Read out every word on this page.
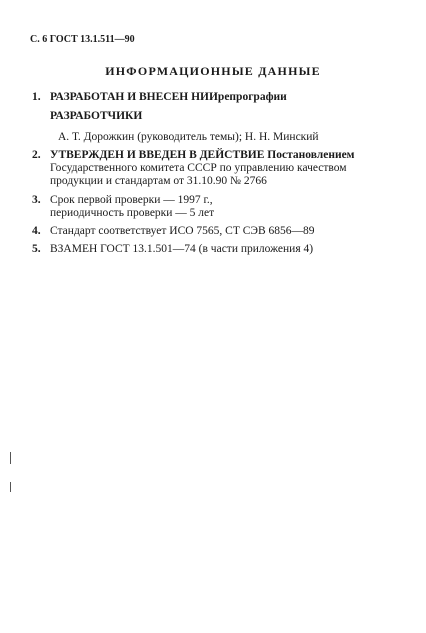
С. 6 ГОСТ 13.1.511—90
ИНФОРМАЦИОННЫЕ ДАННЫЕ
1. РАЗРАБОТАН И ВНЕСЕН НИИрепрографии
РАЗРАБОТЧИКИ
А. Т. Дорожкин (руководитель темы); Н. Н. Минский
2. УТВЕРЖДЕН И ВВЕДЕН В ДЕЙСТВИЕ Постановлением
Государственного комитета СССР по управлению качеством
продукции и стандартам от 31.10.90 № 2766
3. Срок первой проверки — 1997 г.,
периодичность проверки — 5 лет
4. Стандарт соответствует ИСО 7565, СТ СЭВ 6856—89
5. ВЗАМЕН ГОСТ 13.1.501—74 (в части приложения 4)
